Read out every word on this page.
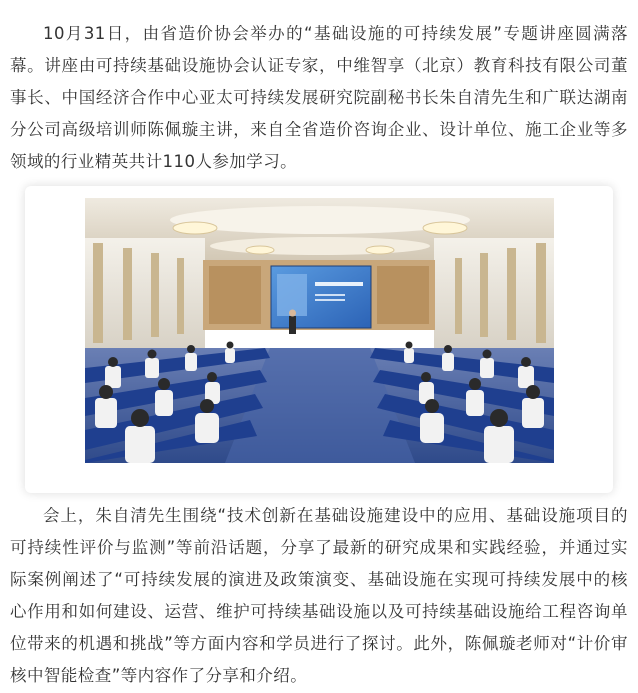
10月31日，由省造价协会举办的“基础设施的可持续发展”专题讲座圆满落幕。讲座由可持续基础设施协会认证专家，中维智享（北京）教育科技有限公司董事长、中国经济合作中心亚太可持续发展研究院副秘书长朱自清先生和广联达湖南分公司高级培训师陈佩璇主讲，来自全省造价咨询企业、设计单位、施工企业等多领域的行业精英共计110人参加学习。

会上，朱自清先生围绕“技术创新在基础设施建设中的应用、基础设施项目的可持续性评价与监测”等前沿话题，分享了最新的研究成果和实践经验，并通过实际案例阐述了“可持续发展的演进及政策演变、基础设施在实现可持续发展中的核心作用和如何建设、运营、维护可持续基础设施以及可持续基础设施给工程咨询单位带来的机遇和挑战”等方面内容和学员进行了探讨。此外，陈佩璇老师对“计价审核中智能检查”等内容作了分享和介绍。
